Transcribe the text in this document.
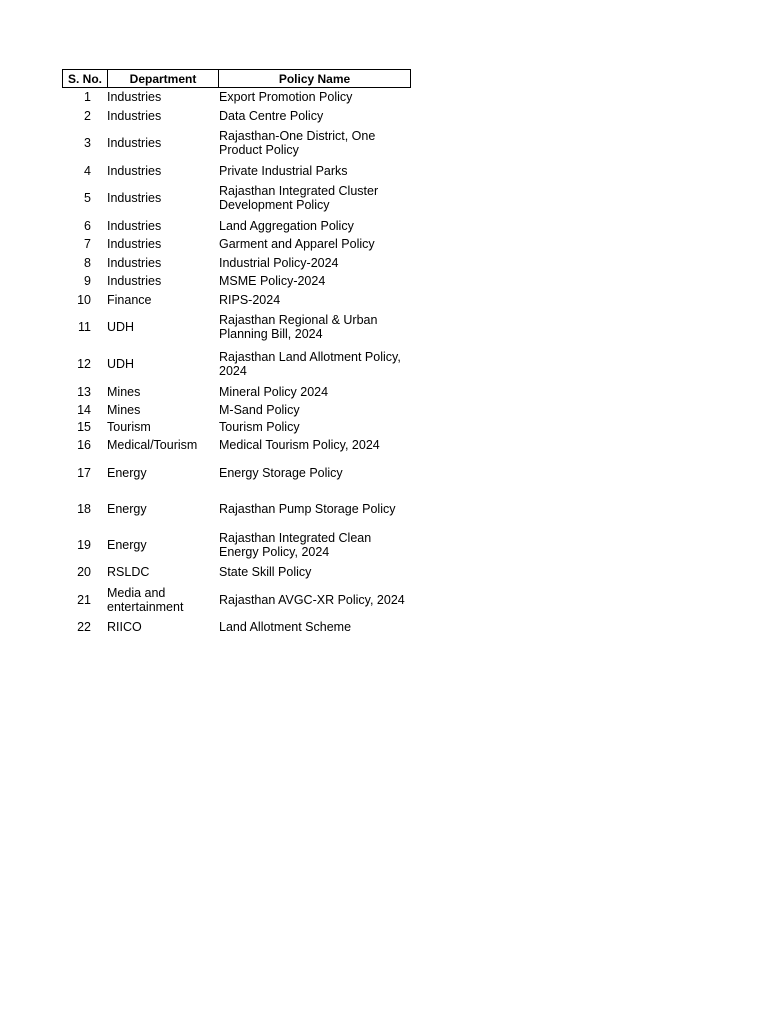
S. No.	Department	Policy Name
1	Industries	Export Promotion Policy
2	Industries	Data Centre Policy
3	Industries	Rajasthan-One District, One Product Policy
4	Industries	Private Industrial Parks
5	Industries	Rajasthan Integrated Cluster Development Policy
6	Industries	Land Aggregation Policy
7	Industries	Garment and Apparel Policy
8	Industries	Industrial Policy-2024
9	Industries	MSME Policy-2024
10	Finance	RIPS-2024
11	UDH	Rajasthan Regional & Urban Planning Bill, 2024
12	UDH	Rajasthan Land Allotment Policy, 2024
13	Mines	Mineral Policy 2024
14	Mines	M-Sand Policy
15	Tourism	Tourism Policy
16	Medical/Tourism	Medical Tourism Policy, 2024
17	Energy	Energy Storage Policy
18	Energy	Rajasthan Pump Storage Policy
19	Energy	Rajasthan Integrated Clean Energy Policy, 2024
20	RSLDC	State Skill Policy
21	Media and entertainment	Rajasthan AVGC-XR Policy, 2024
22	RIICO	Land Allotment Scheme
